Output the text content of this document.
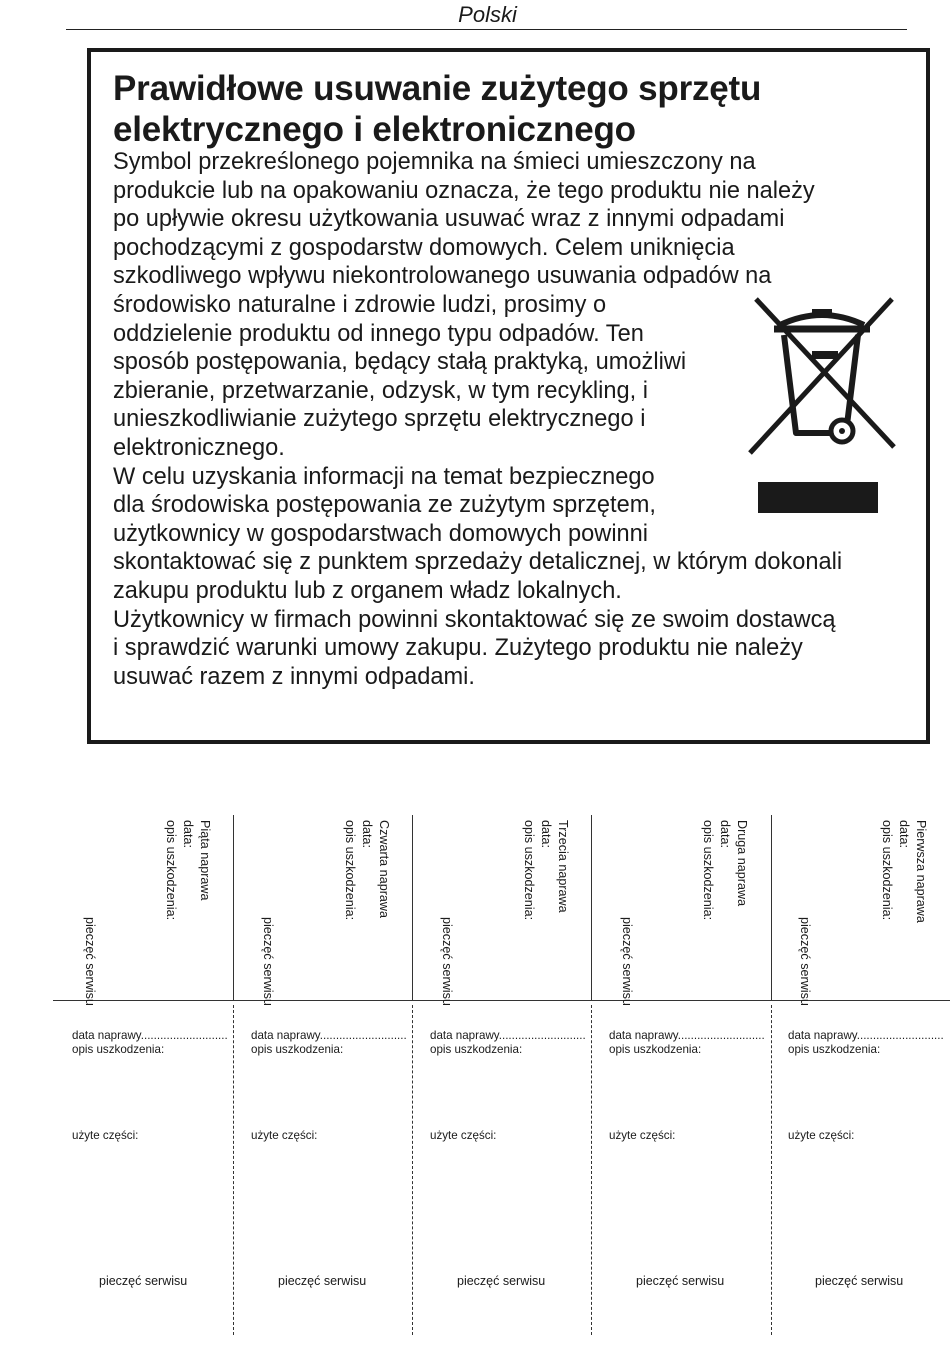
Polski
Prawidłowe usuwanie zużytego sprzętu
elektrycznego i elektronicznego
Symbol przekreślonego pojemnika na śmieci umieszczony na
produkcie lub na opakowaniu oznacza, że tego produktu nie należy
po upływie okresu użytkowania usuwać wraz z innymi odpadami
pochodzącymi z gospodarstw domowych. Celem uniknięcia
szkodliwego wpływu niekontrolowanego usuwania odpadów na
środowisko naturalne i zdrowie ludzi, prosimy o
oddzielenie produktu od innego typu odpadów. Ten
sposób postępowania, będący stałą praktyką, umożliwi
zbieranie, przetwarzanie, odzysk, w tym recykling, i
unieszkodliwianie zużytego sprzętu elektrycznego i
elektronicznego.
W celu uzyskania informacji na temat bezpiecznego
dla środowiska postępowania ze zużytym sprzętem,
użytkownicy w gospodarstwach domowych powinni
skontaktować się z punktem sprzedaży detalicznej, w którym dokonali
zakupu produktu lub z organem władz lokalnych.
Użytkownicy w firmach powinni skontaktować się ze swoim dostawcą
i sprawdzić warunki umowy zakupu. Zużytego produktu nie należy
usuwać razem z innymi odpadami.
Piąta naprawa
data:
opis uszkodzenia:
pieczęć serwisu
data naprawy...........................
opis uszkodzenia:
użyte części:
pieczęć serwisu
Czwarta naprawa
data:
opis uszkodzenia:
pieczęć serwisu
data naprawy...........................
opis uszkodzenia:
użyte części:
pieczęć serwisu
Trzecia naprawa
data:
opis uszkodzenia:
pieczęć serwisu
data naprawy...........................
opis uszkodzenia:
użyte części:
pieczęć serwisu
Druga naprawa
data:
opis uszkodzenia:
pieczęć serwisu
data naprawy...........................
opis uszkodzenia:
użyte części:
pieczęć serwisu
Pierwsza naprawa
data:
opis uszkodzenia:
pieczęć serwisu
data naprawy...........................
opis uszkodzenia:
użyte części:
pieczęć serwisu
